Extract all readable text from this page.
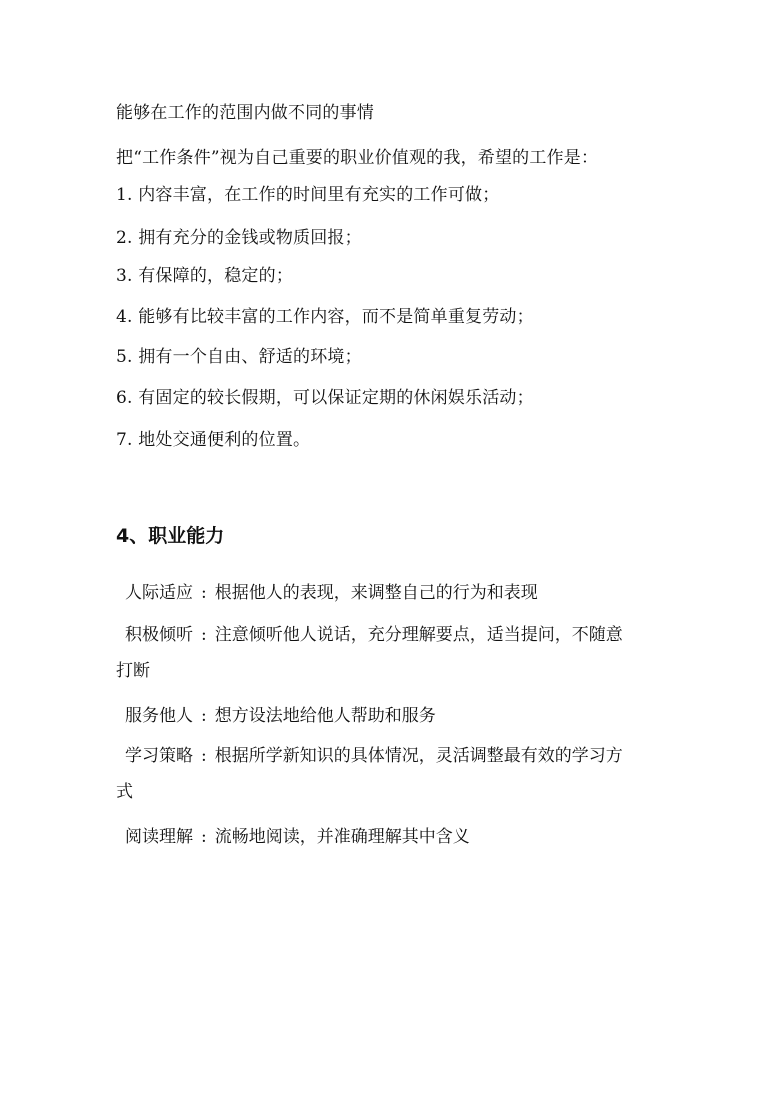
能够在工作的范围内做不同的事情
把“工作条件”视为自己重要的职业价值观的我，希望的工作是：
1. 内容丰富，在工作的时间里有充实的工作可做；
2. 拥有充分的金钱或物质回报；
3. 有保障的，稳定的；
4. 能够有比较丰富的工作内容，而不是简单重复劳动；
5. 拥有一个自由、舒适的环境；
6. 有固定的较长假期，可以保证定期的休闲娱乐活动；
7. 地处交通便利的位置。
4、职业能力
人际适应 : 根据他人的表现，来调整自己的行为和表现
积极倾听 : 注意倾听他人说话，充分理解要点，适当提问，不随意
打断
服务他人 : 想方设法地给他人帮助和服务
学习策略 : 根据所学新知识的具体情况，灵活调整最有效的学习方
式
阅读理解 : 流畅地阅读，并准确理解其中含义
